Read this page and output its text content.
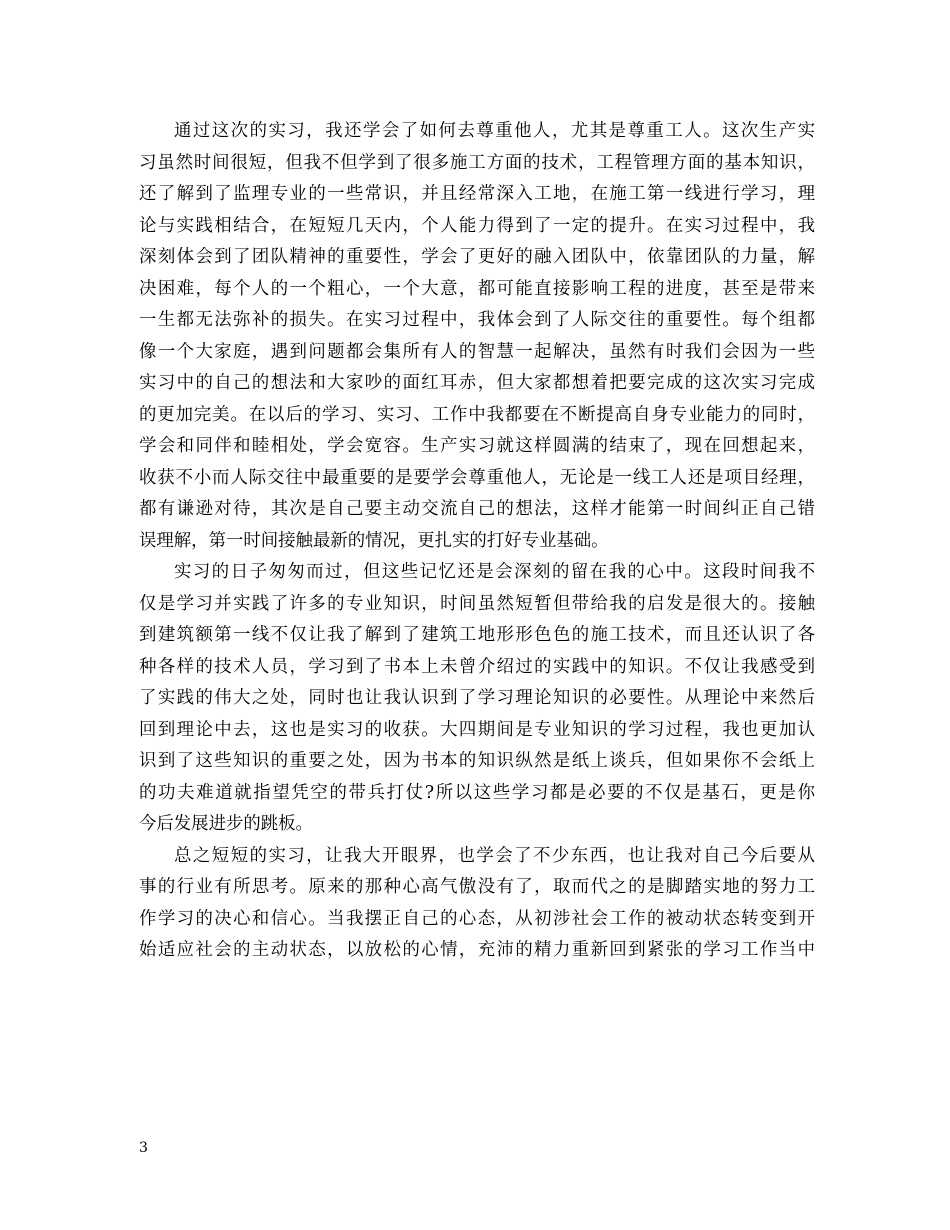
通过这次的实习，我还学会了如何去尊重他人，尤其是尊重工人。这次生产实
习虽然时间很短，但我不但学到了很多施工方面的技术，工程管理方面的基本知识，
还了解到了监理专业的一些常识，并且经常深入工地，在施工第一线进行学习，理
论与实践相结合，在短短几天内，个人能力得到了一定的提升。在实习过程中，我
深刻体会到了团队精神的重要性，学会了更好的融入团队中，依靠团队的力量，解
决困难，每个人的一个粗心，一个大意，都可能直接影响工程的进度，甚至是带来
一生都无法弥补的损失。在实习过程中，我体会到了人际交往的重要性。每个组都
像一个大家庭，遇到问题都会集所有人的智慧一起解决，虽然有时我们会因为一些
实习中的自己的想法和大家吵的面红耳赤，但大家都想着把要完成的这次实习完成
的更加完美。在以后的学习、实习、工作中我都要在不断提高自身专业能力的同时，
学会和同伴和睦相处，学会宽容。生产实习就这样圆满的结束了，现在回想起来，
收获不小而人际交往中最重要的是要学会尊重他人，无论是一线工人还是项目经理，
都有谦逊对待，其次是自己要主动交流自己的想法，这样才能第一时间纠正自己错
误理解，第一时间接触最新的情况，更扎实的打好专业基础。
实习的日子匆匆而过，但这些记忆还是会深刻的留在我的心中。这段时间我不
仅是学习并实践了许多的专业知识，时间虽然短暂但带给我的启发是很大的。接触
到建筑额第一线不仅让我了解到了建筑工地形形色色的施工技术，而且还认识了各
种各样的技术人员，学习到了书本上未曾介绍过的实践中的知识。不仅让我感受到
了实践的伟大之处，同时也让我认识到了学习理论知识的必要性。从理论中来然后
回到理论中去，这也是实习的收获。大四期间是专业知识的学习过程，我也更加认
识到了这些知识的重要之处，因为书本的知识纵然是纸上谈兵，但如果你不会纸上
的功夫难道就指望凭空的带兵打仗?所以这些学习都是必要的不仅是基石，更是你
今后发展进步的跳板。
总之短短的实习，让我大开眼界，也学会了不少东西，也让我对自己今后要从
事的行业有所思考。原来的那种心高气傲没有了，取而代之的是脚踏实地的努力工
作学习的决心和信心。当我摆正自己的心态，从初涉社会工作的被动状态转变到开
始适应社会的主动状态，以放松的心情，充沛的精力重新回到紧张的学习工作当中
3
